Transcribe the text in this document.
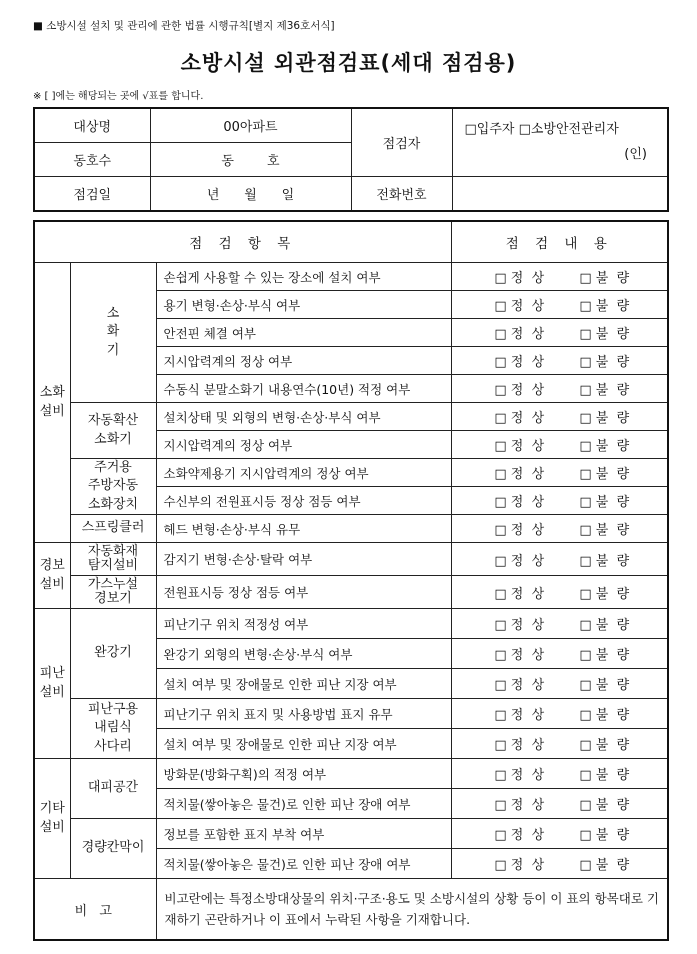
■ 소방시설 설치 및 관리에 관한 법률 시행규칙[별지 제36호서식]
소방시설 외관점검표(세대 점검용)
※ [ ]에는 해당되는 곳에 √표를 합니다.
대상명	00아파트	점검자	□입주자 □소방안전관리자
(인)

동호수	동        호		
점검일	년      월      일	전화번호	
점 검 항 목			점 검 내 용
소화
설비	소
화
기	손쉽게 사용할 수 있는 장소에 설치 여부	□ 정  상 □ 불  량
		용기 변형·손상·부식 여부	□ 정  상 □ 불  량
		안전핀 체결 여부	□ 정  상 □ 불  량
		지시압력계의 정상 여부	□ 정  상 □ 불  량
		수동식 분말소화기 내용연수(10년) 적정 여부	□ 정  상 □ 불  량
	자동확산
소화기	설치상태 및 외형의 변형·손상·부식 여부	□ 정  상 □ 불  량
		지시압력계의 정상 여부	□ 정  상 □ 불  량
	주거용
주방자동
소화장치	소화약제용기 지시압력계의 정상 여부	□ 정  상 □ 불  량
		수신부의 전원표시등 정상 점등 여부	□ 정  상 □ 불  량
	스프링클러	헤드 변형·손상·부식 유무	□ 정  상 □ 불  량
경보
설비	자동화재
탐지설비	감지기 변형·손상·탈락 여부	□ 정  상 □ 불  량
	가스누설
경보기	전원표시등 정상 점등 여부	□ 정  상 □ 불  량
피난
설비	완강기	피난기구 위치 적정성 여부	□ 정  상 □ 불  량
		완강기 외형의 변형·손상·부식 여부	□ 정  상 □ 불  량
		설치 여부 및 장애물로 인한 피난 지장 여부	□ 정  상 □ 불  량
	피난구용
내림식
사다리	피난기구 위치 표지 및 사용방법 표지 유무	□ 정  상 □ 불  량
		설치 여부 및 장애물로 인한 피난 지장 여부	□ 정  상 □ 불  량
기타
설비	대피공간	방화문(방화구획)의 적정 여부	□ 정  상 □ 불  량
		적치물(쌓아놓은 물건)로 인한 피난 장애 여부	□ 정  상 □ 불  량
	경량칸막이	정보를 포함한 표지 부착 여부	□ 정  상 □ 불  량
		적치물(쌓아놓은 물건)로 인한 피난 장애 여부	□ 정  상 □ 불  량
비 고		비고란에는 특정소방대상물의 위치·구조·용도 및 소방시설의 상황 등이 이 표의 항목대로 기재하기 곤란하거나 이 표에서 누락된 사항을 기재합니다.	
